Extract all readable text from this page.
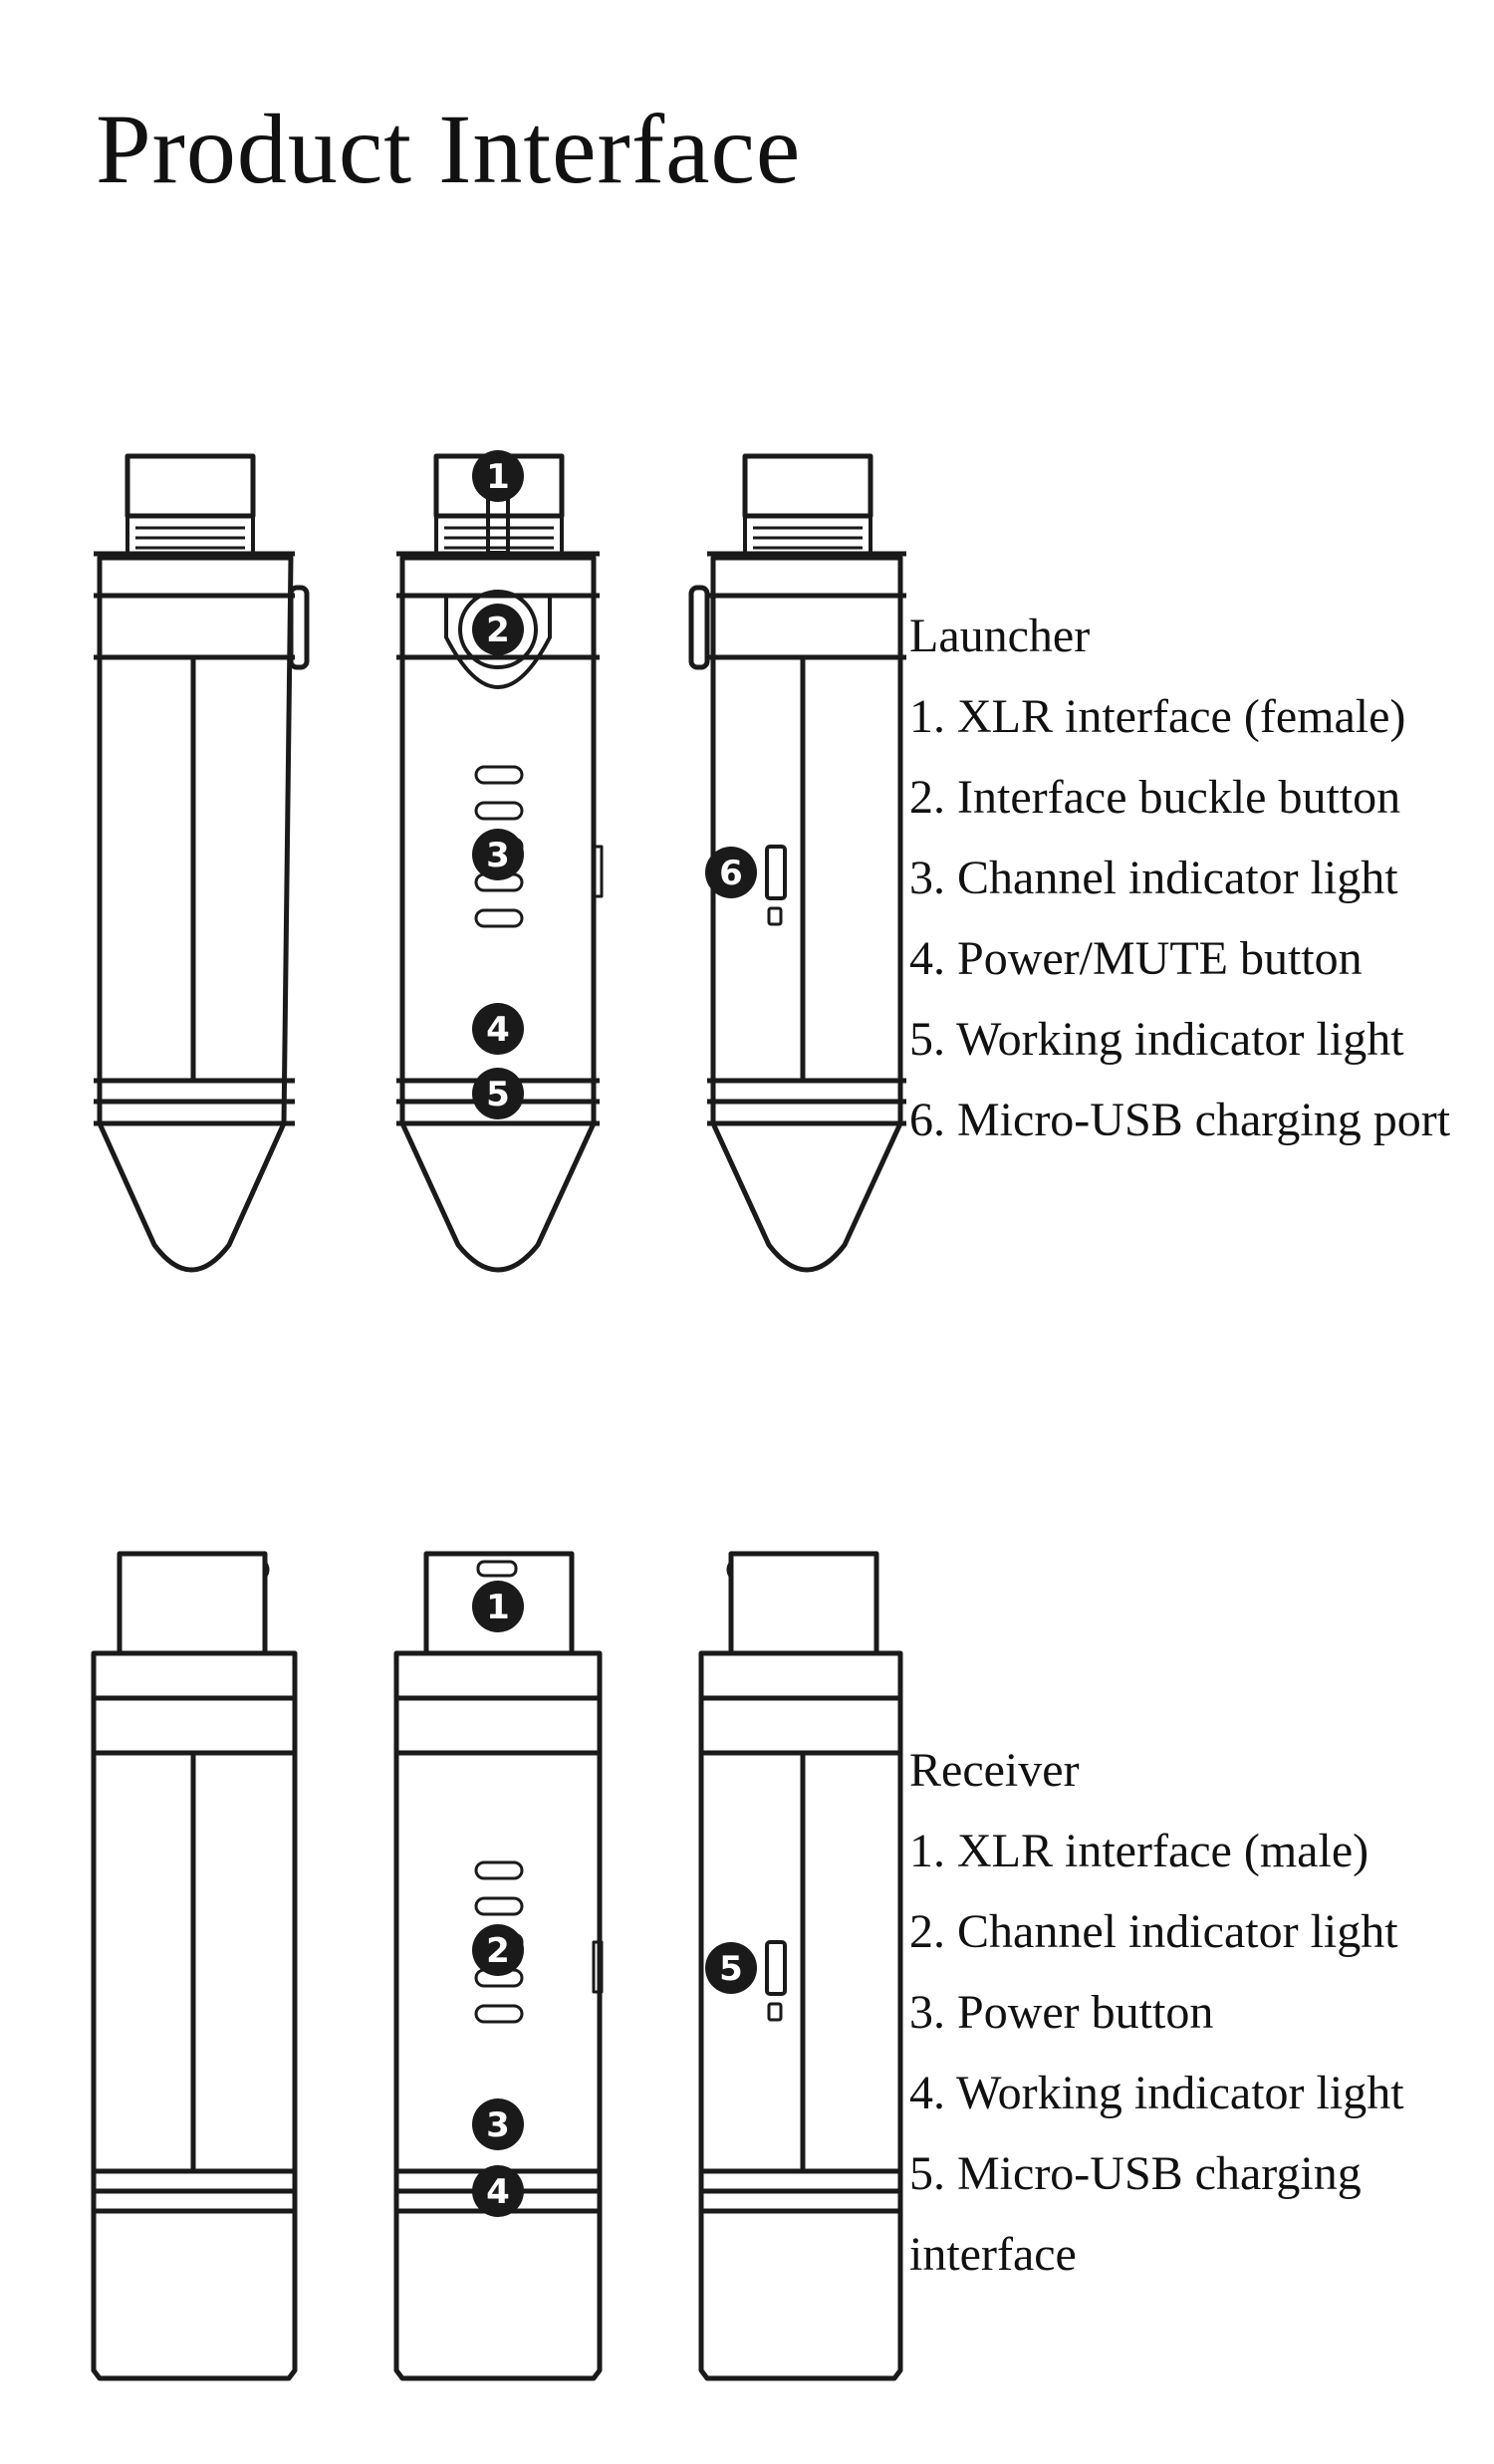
Product Interface
1
2
3
4
5
6
1
2
3
4
5
Launcher
1. XLR interface (female)
2. Interface buckle button
3. Channel indicator light
4. Power/MUTE button
5. Working indicator light
6. Micro-USB charging port
Receiver
1. XLR interface (male)
2. Channel indicator light
3. Power button
4. Working indicator light
5. Micro-USB charging
interface
